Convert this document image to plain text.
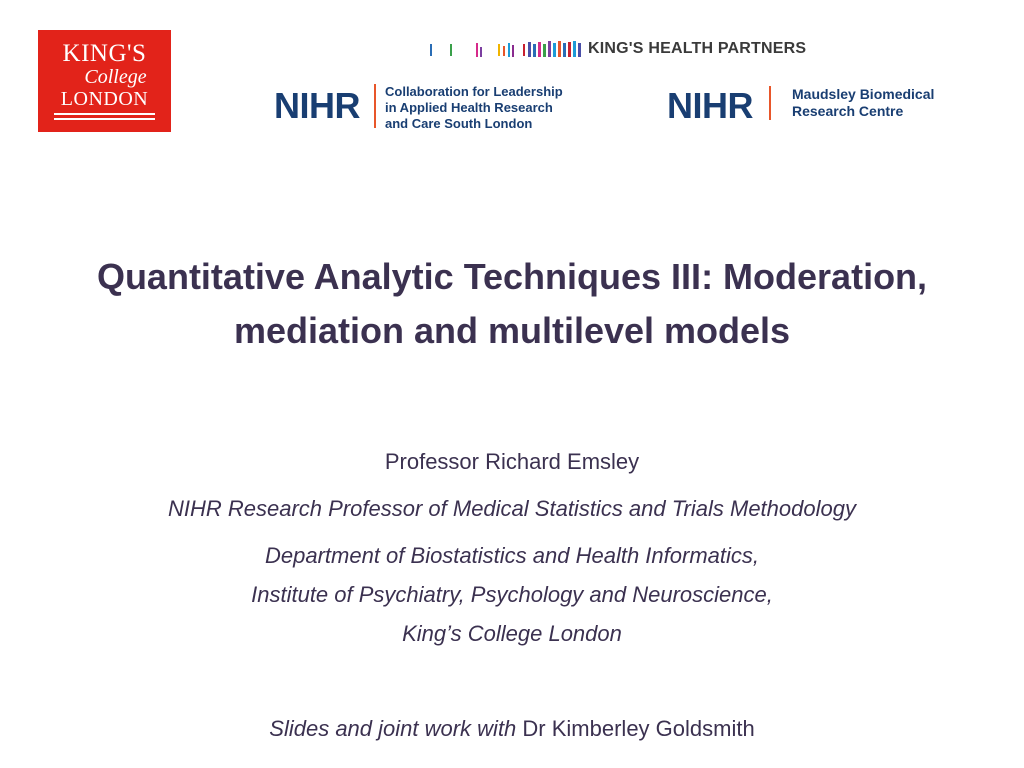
KING'S
College
LONDON
KING'S HEALTH PARTNERS
NIHR Collaboration for Leadership
in Applied Health Research
and Care South London	NIHR	Maudsley Biomedical
Research Centre
Quantitative Analytic Techniques III: Moderation,
mediation and multilevel models
Professor Richard Emsley
NIHR Research Professor of Medical Statistics and Trials Methodology
Department of Biostatistics and Health Informatics,
Institute of Psychiatry, Psychology and Neuroscience,
King’s College London
Slides and joint work with Dr Kimberley Goldsmith
